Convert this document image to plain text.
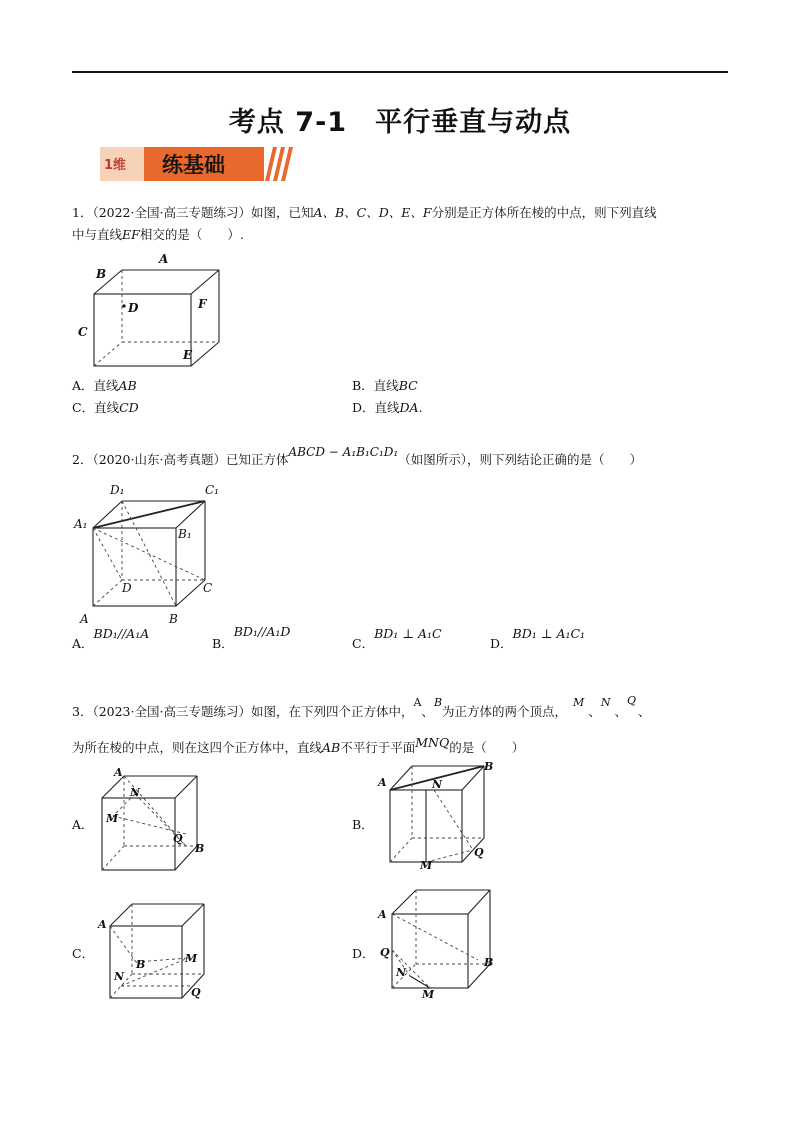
考点 7-1　平行垂直与动点
1维 练基础
1．（2022·全国·高三专题练习）如图，已知A、B、C、D、E、F分别是正方体所在棱的中点，则下列直线
中与直线EF相交的是（　　）.
A
B
C
D
E
F
A．直线AB	B．直线BC
C．直线CD	D．直线DA.
2．（2020·山东·高考真题）已知正方体ABCD − A₁B₁C₁D₁（如图所示），则下列结论正确的是（　　）
D₁	C₁
A₁
B₁
D	C
A	B
A．BD₁//A₁A
B．BD₁//A₁D
C．BD₁ ⊥ A₁C
D．BD₁ ⊥ A₁C₁
3．（2023·全国·高三专题练习）如图，在下列四个正方体中，A、B为正方体的两个顶点，M、N、Q、
为所在棱的中点，则在这四个正方体中，直线AB不平行于平面MNQ的是（　　）
A．
A
N
M
Q
B
B．
A
B
N
M
Q
C．
A
B	M
N
Q
D．
A
Q
N
M
B
